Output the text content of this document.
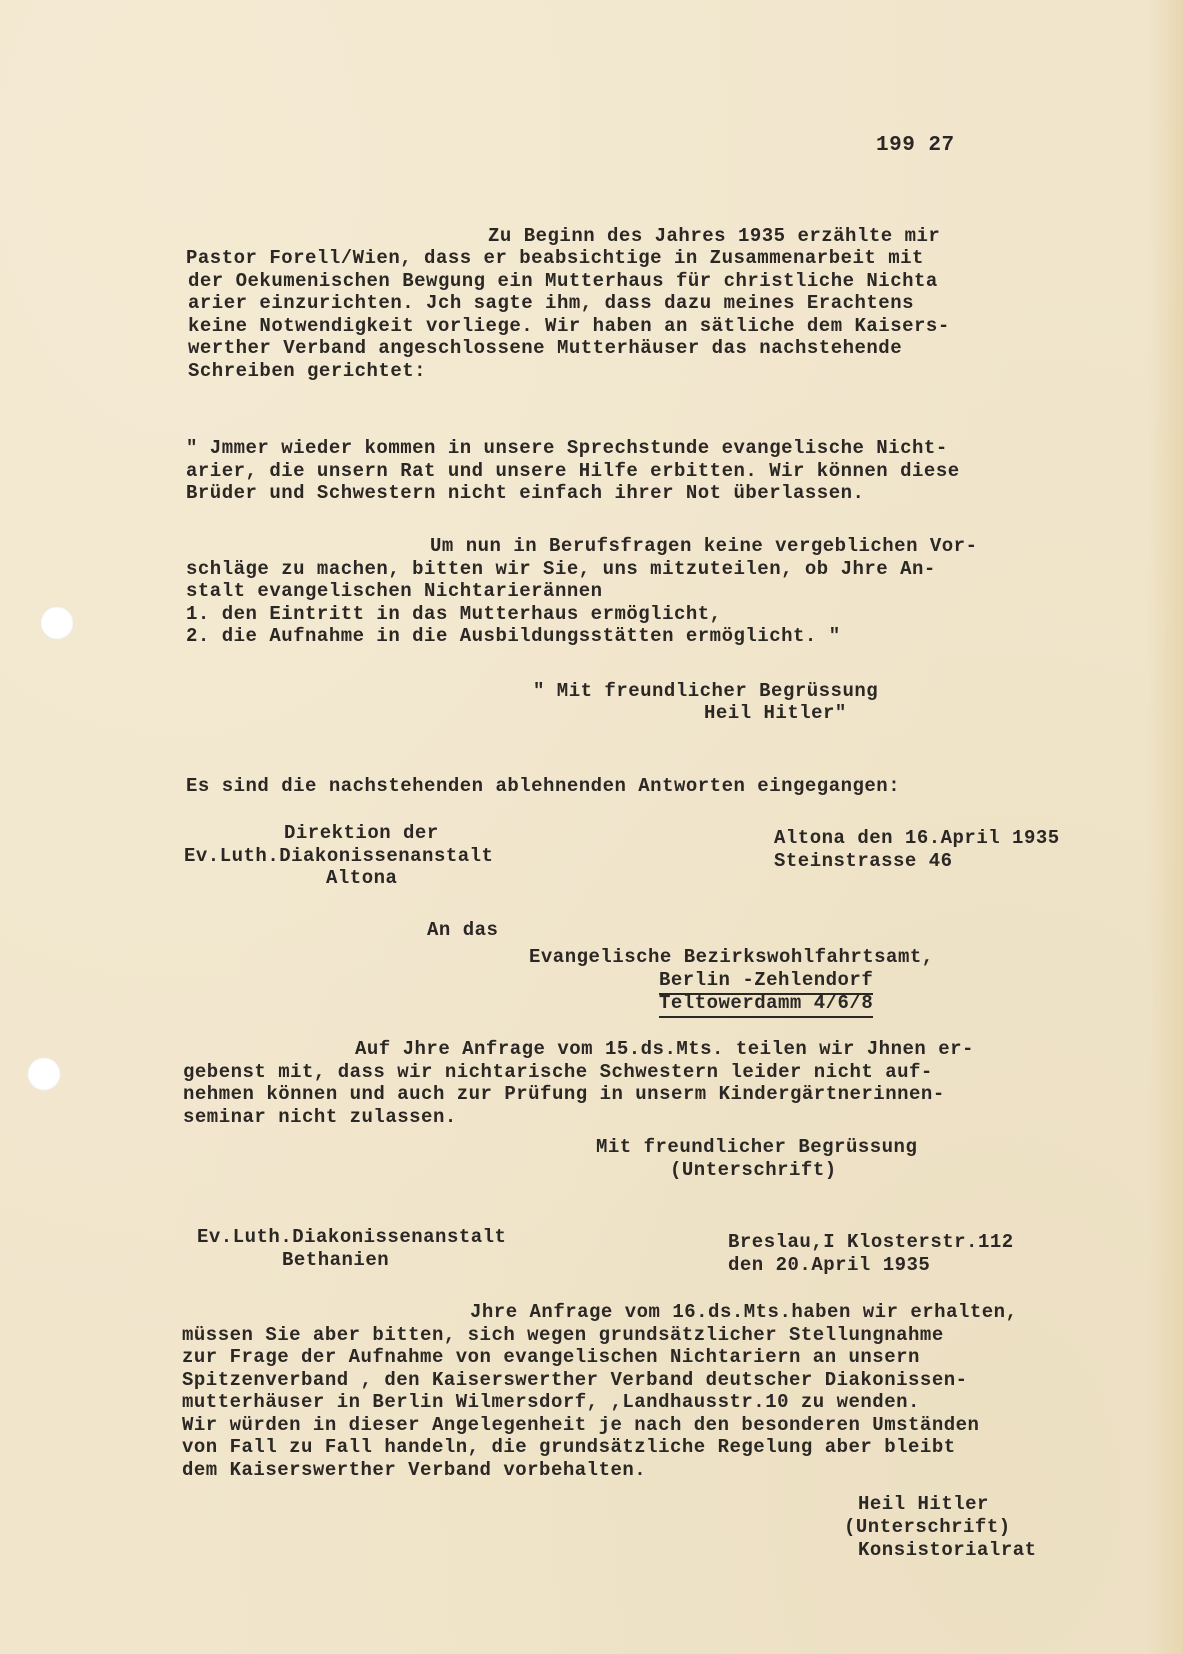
199 27
Zu Beginn des Jahres 1935 erzählte mir
Pastor Forell/Wien, dass er beabsichtige in Zusammenarbeit mit
der Oekumenischen Bewgung ein Mutterhaus für christliche Nichta
arier einzurichten. Jch sagte ihm, dass dazu meines Erachtens
keine Notwendigkeit vorliege. Wir haben an sätliche dem Kaisers-
werther Verband angeschlossene Mutterhäuser das nachstehende
Schreiben gerichtet:
" Jmmer wieder kommen in unsere Sprechstunde evangelische Nicht-
arier, die unsern Rat und unsere Hilfe erbitten. Wir können diese
Brüder und Schwestern nicht einfach ihrer Not überlassen.
Um nun in Berufsfragen keine vergeblichen Vor-
schläge zu machen, bitten wir Sie, uns mitzuteilen, ob Jhre An-
stalt evangelischen Nichtarierännen
1. den Eintritt in das Mutterhaus ermöglicht,
2. die Aufnahme in die Ausbildungsstätten ermöglicht. "
" Mit freundlicher Begrüssung
Heil Hitler"
Es sind die nachstehenden ablehnenden Antworten eingegangen:
Direktion der
Ev.Luth.Diakonissenanstalt
Altona
Altona den 16.April 1935
Steinstrasse 46
An das
Evangelische Bezirkswohlfahrtsamt,
Berlin -Zehlendorf
Teltowerdamm 4/6/8
Auf Jhre Anfrage vom 15.ds.Mts. teilen wir Jhnen er-
gebenst mit, dass wir nichtarische Schwestern leider nicht auf-
nehmen können und auch zur Prüfung in unserm Kindergärtnerinnen-
seminar nicht zulassen.
Mit freundlicher Begrüssung
(Unterschrift)
Ev.Luth.Diakonissenanstalt
Bethanien
Breslau,I Klosterstr.112
den 20.April 1935
Jhre Anfrage vom 16.ds.Mts.haben wir erhalten,
müssen Sie aber bitten, sich wegen grundsätzlicher Stellungnahme
zur Frage der Aufnahme von evangelischen Nichtariern an unsern
Spitzenverband , den Kaiserswerther Verband deutscher Diakonissen-
mutterhäuser in Berlin Wilmersdorf, ,Landhausstr.10 zu wenden.
Wir würden in dieser Angelegenheit je nach den besonderen Umständen
von Fall zu Fall handeln, die grundsätzliche Regelung aber bleibt
dem Kaiserswerther Verband vorbehalten.
Heil Hitler
(Unterschrift)
Konsistorialrat
